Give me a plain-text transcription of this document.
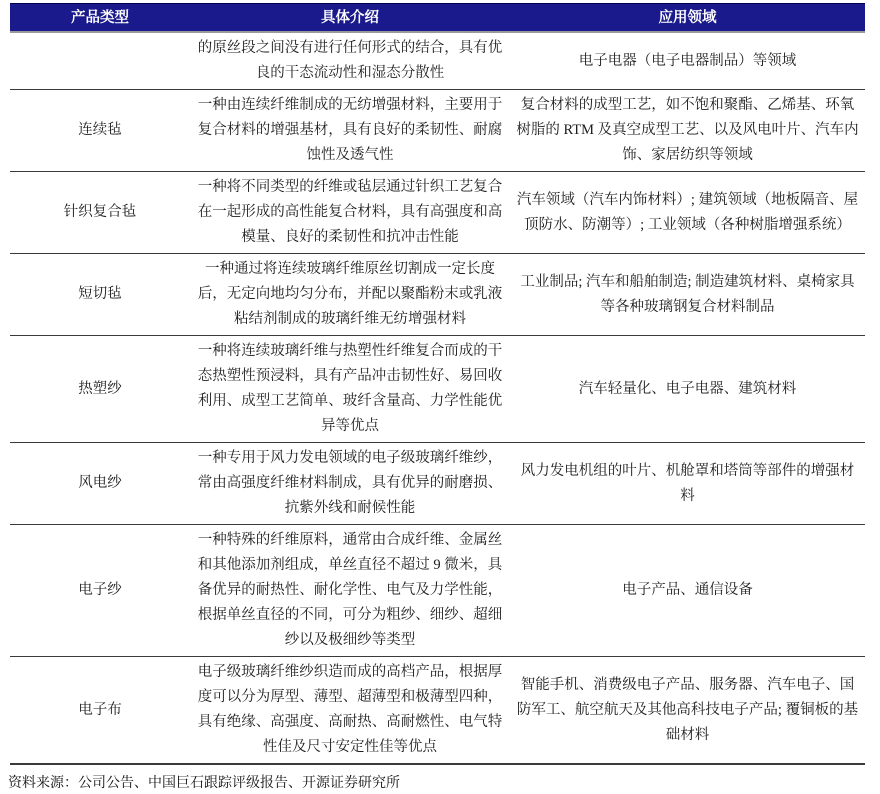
产品类型	具体介绍	应用领域
的原丝段之间没有进行任何形式的结合，具有优良的干态流动性和湿态分散性
电子电器（电子电器制品）等领域
连续毡
一种由连续纤维制成的无纺增强材料，主要用于复合材料的增强基材，具有良好的柔韧性、耐腐蚀性及透气性
复合材料的成型工艺，如不饱和聚酯、乙烯基、环氧树脂的 RTM 及真空成型工艺、以及风电叶片、汽车内饰、家居纺织等领域
针织复合毡
一种将不同类型的纤维或毡层通过针织工艺复合在一起形成的高性能复合材料，具有高强度和高模量、良好的柔韧性和抗冲击性能
汽车领域（汽车内饰材料）; 建筑领域（地板隔音、屋顶防水、防潮等）; 工业领域（各种树脂增强系统）
短切毡
一种通过将连续玻璃纤维原丝切割成一定长度后，无定向地均匀分布，并配以聚酯粉末或乳液粘结剂制成的玻璃纤维无纺增强材料
工业制品; 汽车和船舶制造; 制造建筑材料、桌椅家具等各种玻璃钢复合材料制品
热塑纱
一种将连续玻璃纤维与热塑性纤维复合而成的干态热塑性预浸料，具有产品冲击韧性好、易回收利用、成型工艺简单、玻纤含量高、力学性能优异等优点
汽车轻量化、电子电器、建筑材料
风电纱
一种专用于风力发电领域的电子级玻璃纤维纱，常由高强度纤维材料制成，具有优异的耐磨损、抗紫外线和耐候性能
风力发电机组的叶片、机舱罩和塔筒等部件的增强材料
电子纱
一种特殊的纤维原料，通常由合成纤维、金属丝和其他添加剂组成，单丝直径不超过 9 微米，具备优异的耐热性、耐化学性、电气及力学性能，根据单丝直径的不同，可分为粗纱、细纱、超细纱以及极细纱等类型
电子产品、通信设备
电子布
电子级玻璃纤维纱织造而成的高档产品，根据厚度可以分为厚型、薄型、超薄型和极薄型四种，具有绝缘、高强度、高耐热、高耐燃性、电气特性佳及尺寸安定性佳等优点
智能手机、消费级电子产品、服务器、汽车电子、国防军工、航空航天及其他高科技电子产品; 覆铜板的基础材料
资料来源：公司公告、中国巨石跟踪评级报告、开源证券研究所
